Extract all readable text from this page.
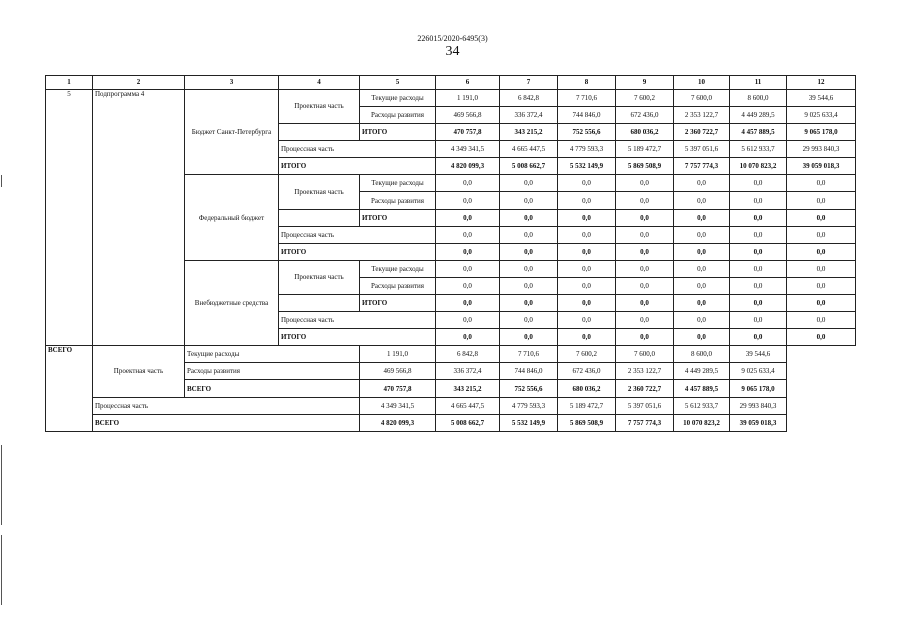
226015/2020-6495(3)
34
1	2	3	4	5	6	7	8	9	10	11	12
5	Подпрограмма 4	Бюджет Санкт-Петербурга	Проектная часть	Текущие расходы	1 191,0	6 842,8	7 710,6	7 600,2	7 600,0	8 600,0	39 544,6
				Расходы развития	469 566,8	336 372,4	744 846,0	672 436,0	2 353 122,7	4 449 289,5	9 025 633,4
				ИТОГО	470 757,8	343 215,2	752 556,6	680 036,2	2 360 722,7	4 457 889,5	9 065 178,0
			Процессная часть		4 349 341,5	4 665 447,5	4 779 593,3	5 189 472,7	5 397 051,6	5 612 933,7	29 993 840,3
			ИТОГО		4 820 099,3	5 008 662,7	5 532 149,9	5 869 508,9	7 757 774,3	10 070 823,2	39 059 018,3
		Федеральный бюджет	Проектная часть	Текущие расходы	0,0	0,0	0,0	0,0	0,0	0,0	0,0
				Расходы развития	0,0	0,0	0,0	0,0	0,0	0,0	0,0
				ИТОГО	0,0	0,0	0,0	0,0	0,0	0,0	0,0
			Процессная часть		0,0	0,0	0,0	0,0	0,0	0,0	0,0
			ИТОГО		0,0	0,0	0,0	0,0	0,0	0,0	0,0
		Внебюджетные средства	Проектная часть	Текущие расходы	0,0	0,0	0,0	0,0	0,0	0,0	0,0
				Расходы развития	0,0	0,0	0,0	0,0	0,0	0,0	0,0
				ИТОГО	0,0	0,0	0,0	0,0	0,0	0,0	0,0
			Процессная часть		0,0	0,0	0,0	0,0	0,0	0,0	0,0
			ИТОГО		0,0	0,0	0,0	0,0	0,0	0,0	0,0
ВСЕГО	Проектная часть	Текущие расходы		1 191,0	6 842,8	7 710,6	7 600,2	7 600,0	8 600,0	39 544,6	
		Расходы развития		469 566,8	336 372,4	744 846,0	672 436,0	2 353 122,7	4 449 289,5	9 025 633,4	
		ВСЕГО		470 757,8	343 215,2	752 556,6	680 036,2	2 360 722,7	4 457 889,5	9 065 178,0	
	Процессная часть			4 349 341,5	4 665 447,5	4 779 593,3	5 189 472,7	5 397 051,6	5 612 933,7	29 993 840,3	
	ВСЕГО			4 820 099,3	5 008 662,7	5 532 149,9	5 869 508,9	7 757 774,3	10 070 823,2	39 059 018,3	
